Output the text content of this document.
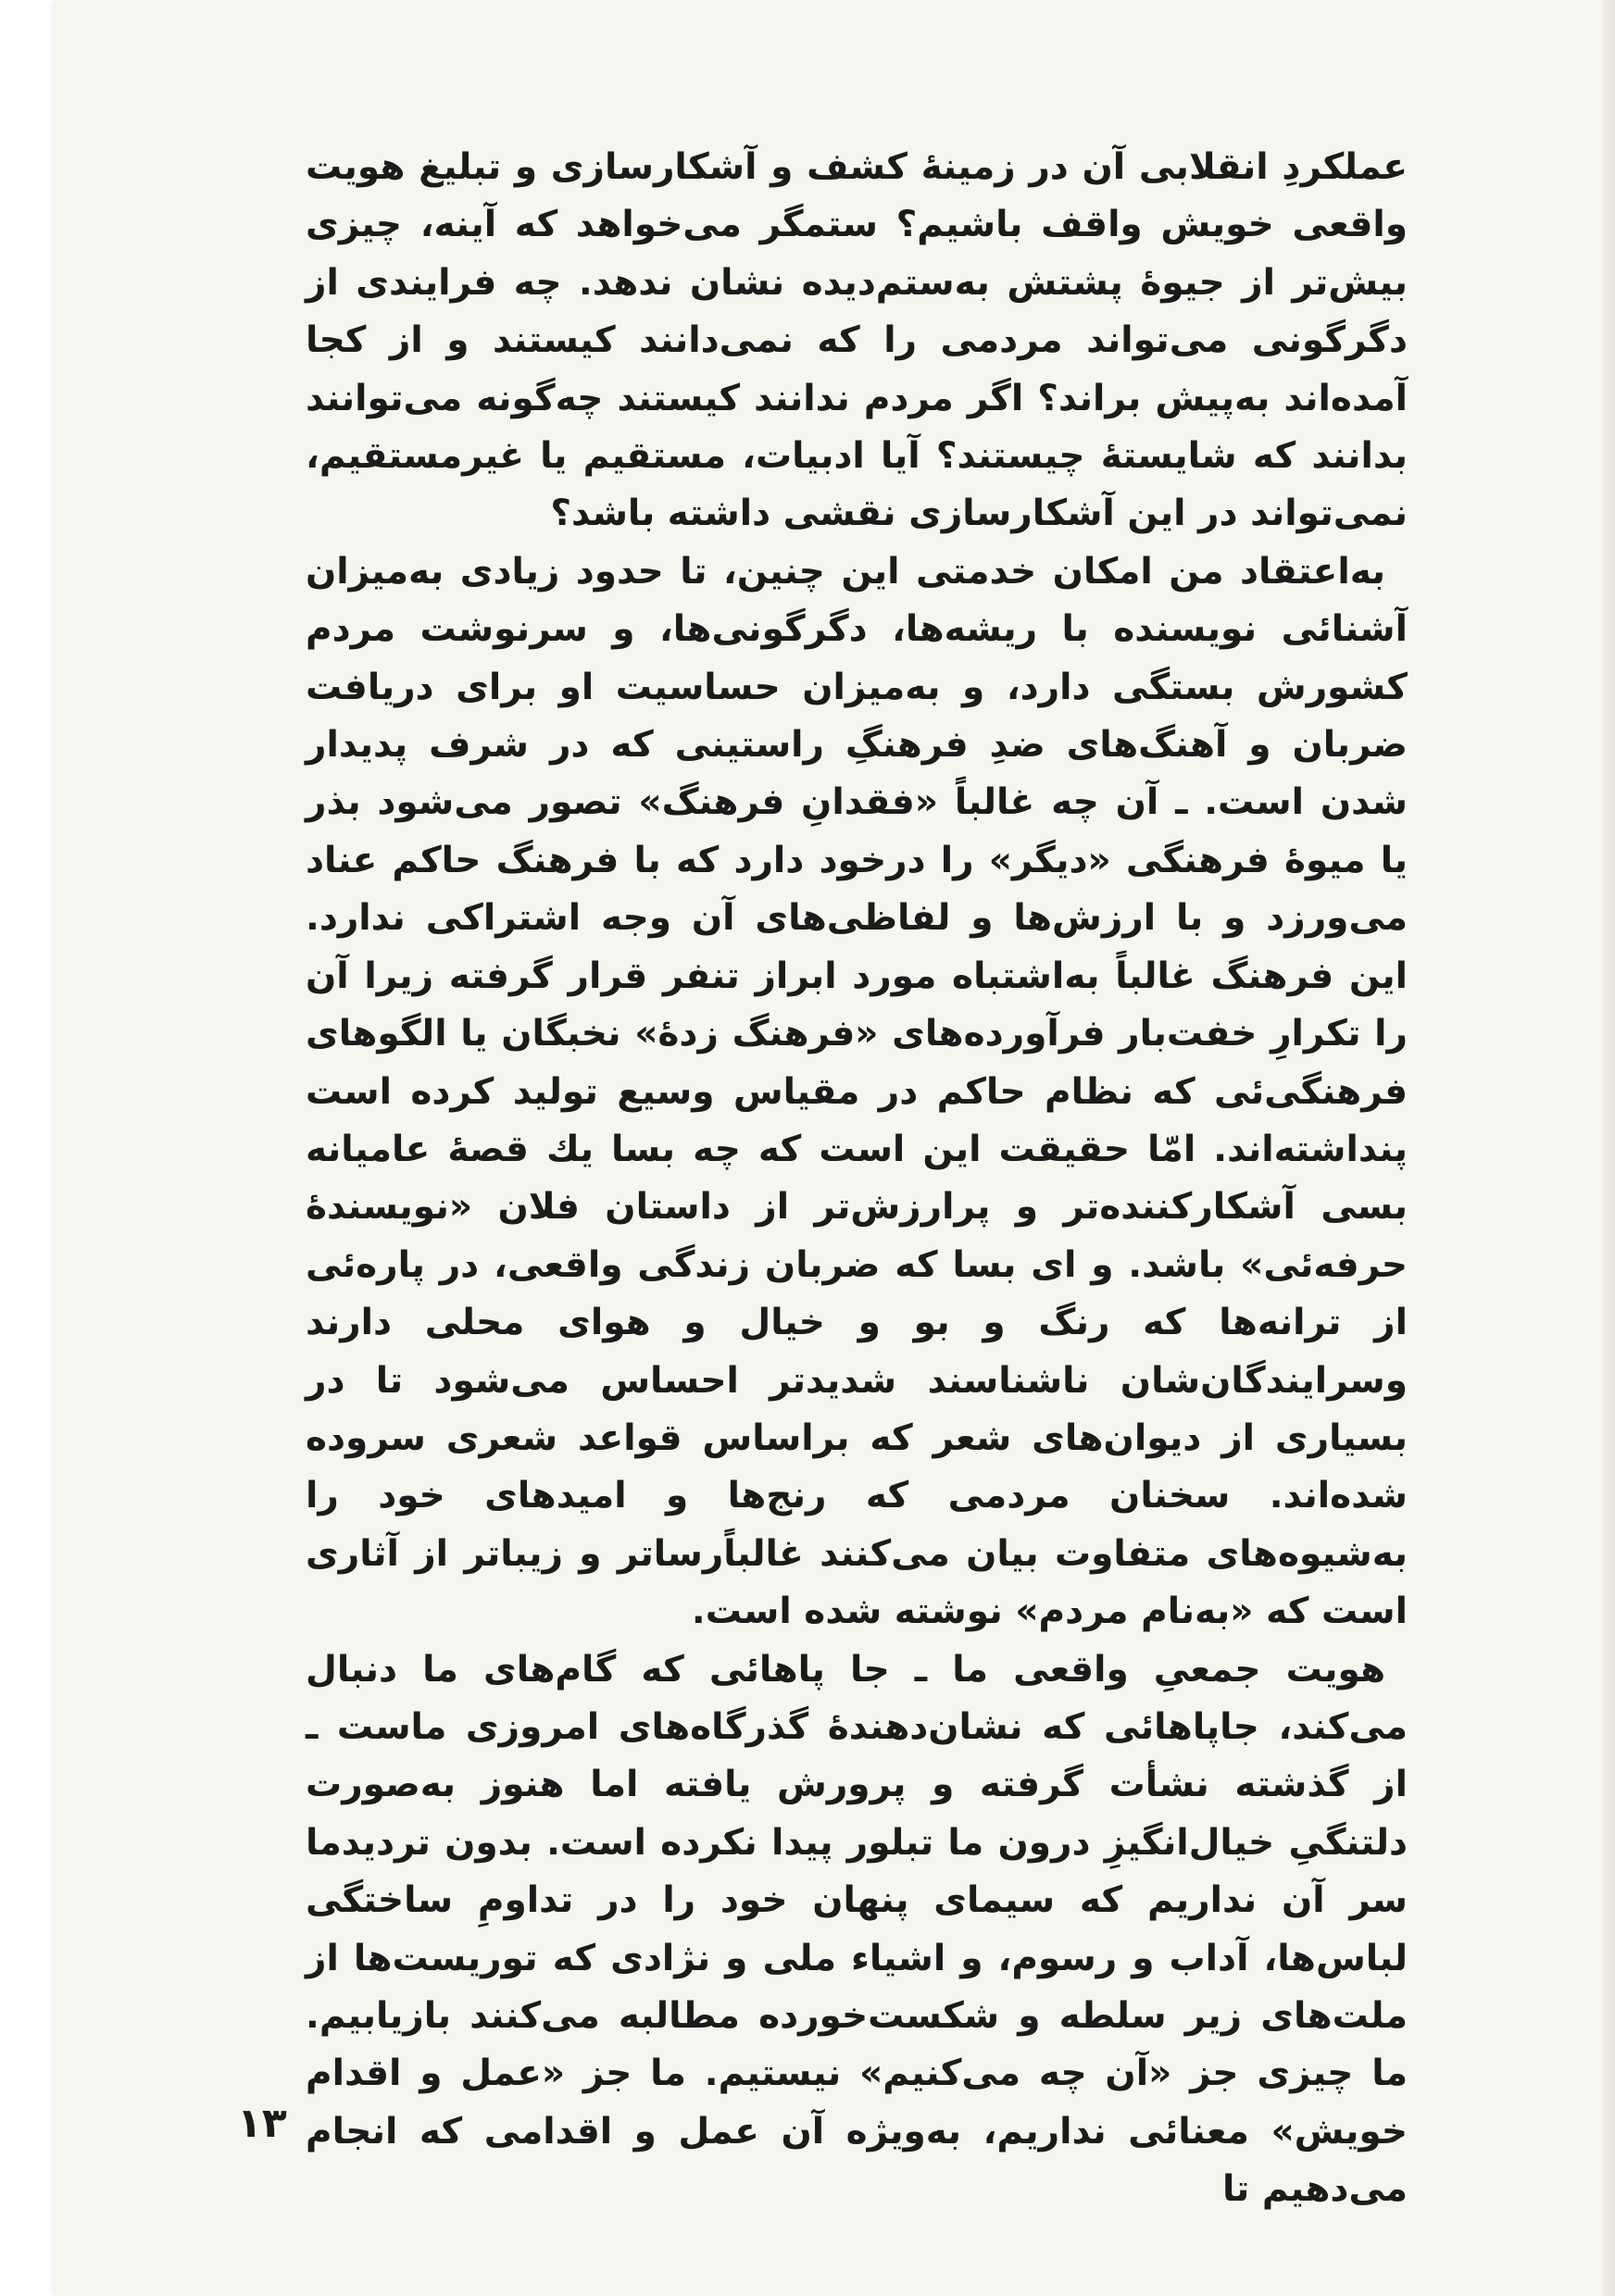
عملکردِ انقلابی آن در زمینهٔ کشف و آشکارسازی و تبلیغ هویت واقعی خویش واقف باشیم؟ ستمگر می‌خواهد که آینه، چیزی بیش‌تر از جیوهٔ پشتش به‌ستم‌دیده نشان ندهد. چه فرایندی از دگرگونی می‌تواند مردمی را که نمی‌دانند کیستند و از کجا آمده‌اند به‌پیش براند؟ اگر مردم ندانند کیستند چه‌گونه می‌توانند بدانند که شایستهٔ چیستند؟ آیا ادبیات، مستقیم یا غیرمستقیم، نمی‌تواند در این آشکارسازی نقشی داشته باشد؟

به‌اعتقاد من امکان خدمتی این چنین، تا حدود زیادی به‌میزان آشنائی نویسنده با ریشه‌ها، دگرگونی‌ها، و سرنوشت مردم کشورش بستگی دارد، و به‌میزان حساسیت او برای دریافت ضربان و آهنگ‌های ضدِ فرهنگِ راستینی که در شرف پدیدار شدن است. ـ آن چه غالباً «فقدانِ فرهنگ» تصور می‌شود بذر یا میوهٔ فرهنگی «دیگر» را درخود دارد که با فرهنگ حاکم عناد می‌ورزد و با ارزش‌ها و لفاظی‌های آن وجه اشتراکی ندارد. این فرهنگ غالباً به‌اشتباه مورد ابراز تنفر قرار گرفته زیرا آن را تکرارِ خفت‌بار فرآورده‌های «فرهنگ زدهٔ» نخبگان یا الگوهای فرهنگی‌ئی که نظام حاکم در مقیاس وسیع تولید کرده است پنداشته‌اند. امّا حقیقت این است که چه بسا یك قصهٔ عامیانه بسی آشکارکننده‌تر و پرارزش‌تر از داستان فلان «نویسندهٔ حرفه‌ئی» باشد. و ای بسا که ضربان زندگی واقعی، در پاره‌ئی از ترانه‌ها که رنگ و بو و خیال و هوای محلی دارند وسرایندگان‌شان ناشناسند شدیدتر احساس می‌شود تا در بسیاری از دیوان‌های شعر که براساس قواعد شعری سروده شده‌اند. سخنان مردمی که رنج‌ها و امیدهای خود را به‌شیوه‌های متفاوت بیان می‌کنند غالباًرساتر و زیباتر از آثاری است که «به‌نام مردم» نوشته شده است.

هویت جمعیِ واقعی ما ـ جا پاهائی که گام‌های ما دنبال می‌کند، جاپاهائی که نشان‌دهندهٔ گذرگاه‌های امروزی ماست ـ از گذشته نشأت گرفته و پرورش یافته اما هنوز به‌صورت دلتنگیِ خیال‌انگیزِ درون ما تبلور پیدا نکرده است. بدون تردیدما سر آن نداریم که سیمای پنهان خود را در تداومِ ساختگی لباس‌ها، آداب و رسوم، و اشیاء ملی و نژادی که توریست‌ها از ملت‌های زیر سلطه و شکست‌خورده مطالبه می‌کنند بازیابیم. ما چیزی جز «آن چه می‌کنیم» نیستیم. ما جز «عمل و اقدام خویش» معنائی نداریم، به‌ویژه آن عمل و اقدامی که انجام می‌دهیم تا

۱۳
